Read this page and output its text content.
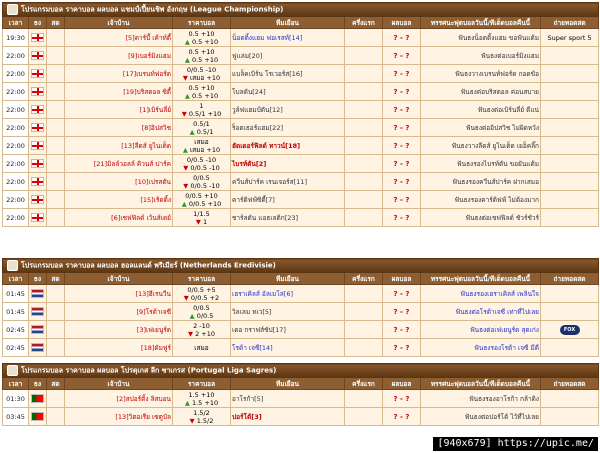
โปรแกรมบอล ราคาบอล ผลบอล แชมป์เปี้ยนชิพ อังกฤษ (League Championship)									
เวลา	ธง	สด	เจ้าบ้าน	ราคาบอล	ทีมเยือน	ครึ่งแรก	ผลบอล	ทรรศนะฟุตบอลวันนี้/ทีเด็ดบอลคืนนี้	ถ่ายทอดสด
19:30			[5]ดาร์บี้ เค้าท์ตี้	0.5 +10
▲ 0.5 +10	น็อตติ้งแฮม ฟอเรสท์[14]		? - ?	ฟันธงน็อตติ้งแฮม ขอฟันแต้ม	Super sport 5
22:00			[9]เบอร์มิงแฮม	0.5 +10
▲ 0.5 +10	ฟูแล่ม[20]		? - ?	ฟันธงต่อเบอร์มิงแฮม	
22:00			[17]เบรนท์ฟอร์ด	0/0.5 -10
▼ เสมอ +10	แบล็คเบิร์น โรเวอร์ส[16]		? - ?	ฟันธงวางเบรนท์ฟอร์ด กอดข้อ	
22:00			[19]บริสตอล ซิตี้	0.5 +10
▲ 0.5 +10	โบลตัน[24]		? - ?	ฟันธงต่อบริสตอล ค่อนสบาย	
22:00			[1]เบิร์นลี่ย์	1
▼ 0.5/1 +10	วูล์ฟแฮมป์ตัน[12]		? - ?	ฟันธงต่อเบิร์นลี่ย์ ดีแน่	
22:00			[8]อิปสวิช	0.5/1
▲ 0.5/1	ร็อตเธอร์แฮม[22]		? - ?	ฟันธงต่ออิปสวิช ไม่ผิดหวัง	
22:00			[13]ลีดส์ ยูไนเต็ด	เสมอ
▲ เสมอ +10	ฮัดเดอร์ฟิลด์ ทาวน์[18]		? - ?	ฟันธงวางลีดส์ ยูไนเต็ด เยอ็คลิ๊ก	
22:00			[21]มิลล์วอลล์ คิวนส์ ปาร์ค	0/0.5 -10
▼ 0/0.5 -10	ไบรท์ตัน[2]		? - ?	ฟันธงรองไบรท์ตัน ขอยันแต้ม	
22:00			[10]เปรสตัน	0/0.5
▼ 0/0.5 -10	ควีนส์ปาร์ค เรนเจอร์ส[11]		? - ?	ฟันธงรองควีนส์ปาร์ค ฝากเสมอ	
22:00			[15]เร้ดดิ้ง	0/0.5 +10
▲ 0/0.5 +10	คาร์ดิฟฟ์ซิตี้[7]		? - ?	ฟันธงรองคาร์ดิฟฟ์ ไม่ต้องมาก	
22:00			[6]เชฟฟิลด์ เว้นส์เดย์	1/1.5
▼ 1	ชาร์ลตัน แอธเลติก[23]		? - ?	ฟันธงต่อเชฟฟิลด์ ชัวร์ชัวร์	
โปรแกรมบอล ราคาบอล ผลบอล ฮอลแลนด์ พรีเมียร์ (Netherlands Eredivisie)									
เวลา	ธง	สด	เจ้าบ้าน	ราคาบอล	ทีมเยือน	ครึ่งแรก	ผลบอล	ทรรศนะฟุตบอลวันนี้/ทีเด็ดบอลคืนนี้	ถ่ายทอดสด
01:45			[13]ฮีเรนวีน	0/0.5 +5
▼ 0/0.5 +2	เฮราเคิลส์ อัลเมโล่[6]		? - ?	ฟันธงรองเฮราเคิลส์ เพลินใจ	
01:45			[9]โรด้าเจซี	0/0.5
▲ 0/0.5	วิลเลม ทเว[5]		? - ?	ฟันธงต่อโรด้าเจซี เท่าที่ไปเลย	
02:45			[3]เฟเยนูร์ด	2 -10
▼ 2 +10	เดอ กราฟส์ชัป[17]		? - ?	ฟันธงต่อเฟเยนูร์ด สุดเก่ง	FOX
02:45			[18]ดัมฟูร์	เสมอ	โรด้า เจซี[14]		? - ?	ฟันธงรองโรด้า เจซี มีดี	
โปรแกรมบอล ราคาบอล ผลบอล โปรตุเกส ลีก ซาเกรส (Portugal Liga Sagres)									
เวลา	ธง	สด	เจ้าบ้าน	ราคาบอล	ทีมเยือน	ครึ่งแรก	ผลบอล	ทรรศนะฟุตบอลวันนี้/ทีเด็ดบอลคืนนี้	ถ่ายทอดสด
01:30			[2]สปอร์ติ้ง ลิสบอน	1.5 +10
▲ 1.5 +10	อาโรก้า[5]		? - ?	ฟันธงรองอาโรก้า กล้าดิง	
03:45			[13]วิตอเรีย เซตูบัล	1.5/2
▼ 1.5/2	ปอร์โต้[3]		? - ?	ฟันธงต่อปอร์โต้ ไว้ที่ไปเลย	
[940x679] https://upic.me/
